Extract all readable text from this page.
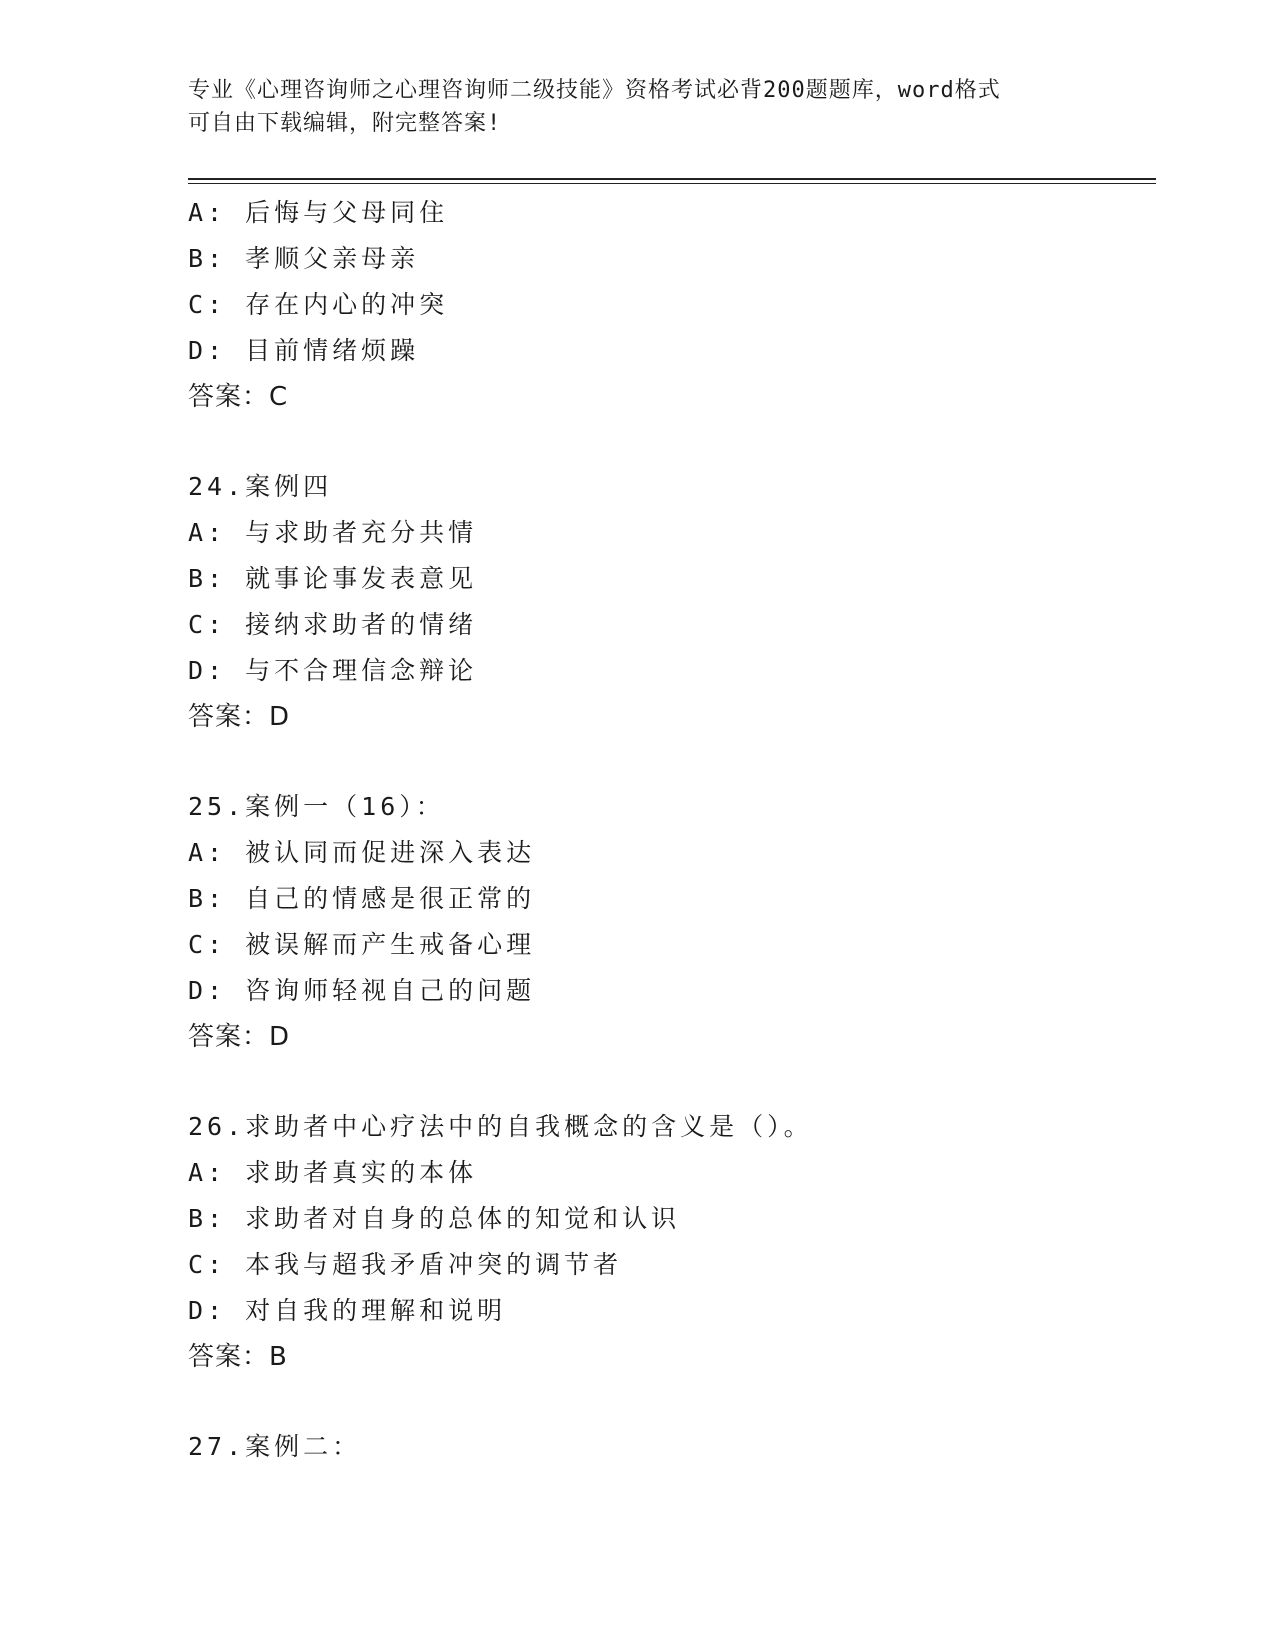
专业《心理咨询师之心理咨询师二级技能》资格考试必背200题题库，word格式
可自由下载编辑，附完整答案!
A: 后悔与父母同住
B: 孝顺父亲母亲
C: 存在内心的冲突
D: 目前情绪烦躁
答案：C
24.案例四
A: 与求助者充分共情
B: 就事论事发表意见
C: 接纳求助者的情绪
D: 与不合理信念辩论
答案：D
25.案例一（16）：
A: 被认同而促进深入表达
B: 自己的情感是很正常的
C: 被误解而产生戒备心理
D: 咨询师轻视自己的问题
答案：D
26.求助者中心疗法中的自我概念的含义是（）。
A: 求助者真实的本体
B: 求助者对自身的总体的知觉和认识
C: 本我与超我矛盾冲突的调节者
D: 对自我的理解和说明
答案：B
27.案例二：
